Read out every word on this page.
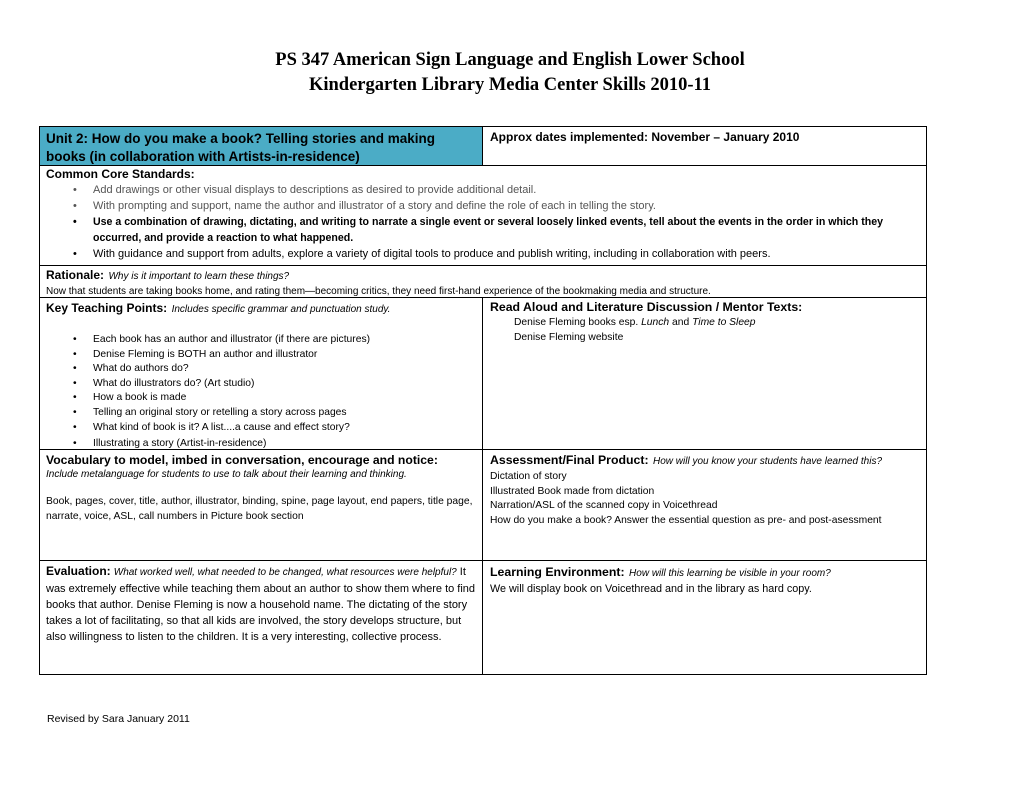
PS 347 American Sign Language and English Lower School
Kindergarten Library Media Center Skills 2010-11
Unit 2: How do you make a book? Telling stories and making books (in collaboration with Artists-in-residence)
Approx dates implemented: November – January 2010
Common Core Standards:
• Add drawings or other visual displays to descriptions as desired to provide additional detail.
• With prompting and support, name the author and illustrator of a story and define the role of each in telling the story.
• Use a combination of drawing, dictating, and writing to narrate a single event or several loosely linked events, tell about the events in the order in which they occurred, and provide a reaction to what happened.
• With guidance and support from adults, explore a variety of digital tools to produce and publish writing, including in collaboration with peers.
Rationale: Why is it important to learn these things?
Now that students are taking books home, and rating them—becoming critics, they need first-hand experience of the bookmaking media and structure.
Key Teaching Points: Includes specific grammar and punctuation study.
• Each book has an author and illustrator (if there are pictures)
• Denise Fleming is BOTH an author and illustrator
• What do authors do?
• What do illustrators do? (Art studio)
• How a book is made
• Telling an original story or retelling a story across pages
• What kind of book is it? A list....a cause and effect story?
• Illustrating a story (Artist-in-residence)
Read Aloud and Literature Discussion / Mentor Texts:
Denise Fleming books esp. Lunch and Time to Sleep
Denise Fleming website
Vocabulary to model, imbed in conversation, encourage and notice:
Include metalanguage for students to use to talk about their learning and thinking.
Book, pages, cover, title, author, illustrator, binding, spine, page layout, end papers, title page, narrate, voice, ASL, call numbers in Picture book section
Assessment/Final Product: How will you know your students have learned this?
Dictation of story
Illustrated Book made from dictation
Narration/ASL of the scanned copy in Voicethread
How do you make a book? Answer the essential question as pre- and post-asessment
Evaluation: What worked well, what needed to be changed, what resources were helpful? It was extremely effective while teaching them about an author to show them where to find books that author. Denise Fleming is now a household name. The dictating of the story takes a lot of facilitating, so that all kids are involved, the story develops structure, but also willingness to listen to the children. It is a very interesting, collective process.
Learning Environment: How will this learning be visible in your room?
We will display book on Voicethread and in the library as hard copy.
Revised by Sara January 2011
